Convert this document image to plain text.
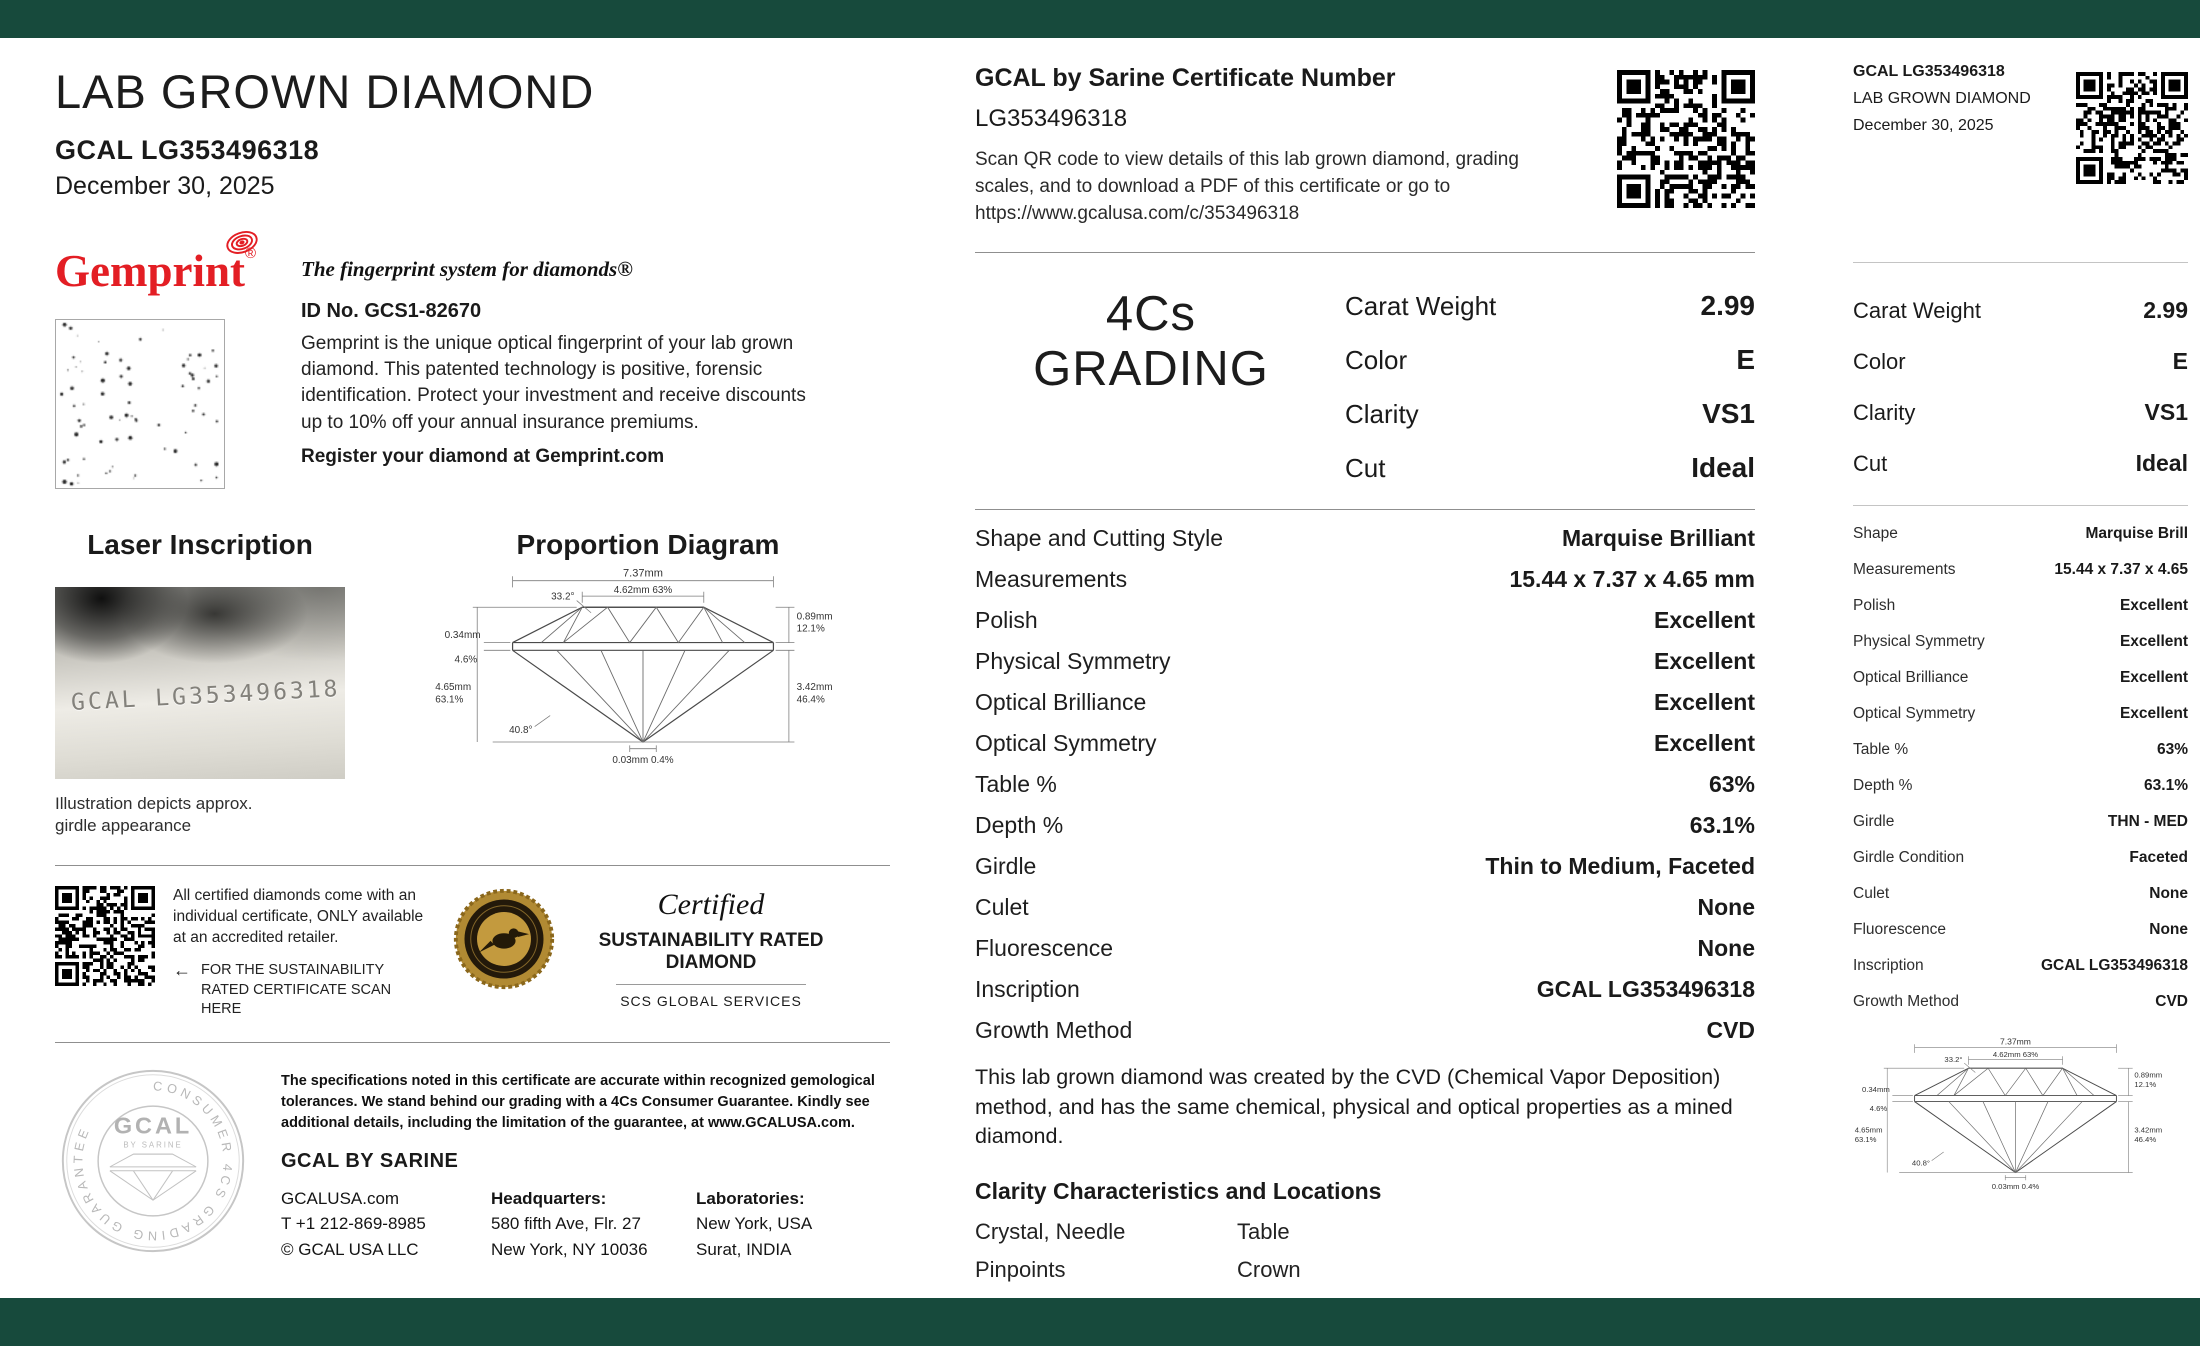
LAB GROWN DIAMOND
GCAL LG353496318
December 30, 2025
Gemprint®
The fingerprint system for diamonds®
ID No. GCS1-82670

Gemprint is the unique optical fingerprint of your lab grown diamond. This patented technology is positive, forensic identification. Protect your investment and receive discounts up to 10% off your annual insurance premiums.

Register your diamond at Gemprint.com
Laser Inscription
GCAL LG353496318
Illustration depicts approx. girdle appearance
Proportion Diagram
7.37mm
4.62mm 63%
33.2°
0.89mm
12.1%
3.42mm
46.4%
0.34mm
4.6%
4.65mm
63.1%
40.8°
0.03mm 0.4%

All certified diamonds come with an individual certificate, ONLY available at an accredited retailer.

← FOR THE SUSTAINABILITY RATED CERTIFICATE SCAN HERE
Certified
SUSTAINABILITY RATED DIAMOND
SCS GLOBAL SERVICES
CONSUMER 4CS GRADING GUARANTEE GCAL
BY SARINE

The specifications noted in this certificate are accurate within recognized gemological tolerances. We stand behind our grading with a 4Cs Consumer Guarantee. Kindly see additional details, including the limitation of the guarantee, at www.GCALUSA.com.

GCAL BY SARINE
GCALUSA.com
T +1 212-869-8985
© GCAL USA LLC
Headquarters:
580 fifth Ave, Flr. 27
New York, NY 10036
Laboratories:
New York, USA
Surat, INDIA
GCAL by Sarine Certificate Number
LG353496318

Scan QR code to view details of this lab grown diamond, grading scales, and to download a PDF of this certificate or go to https://www.gcalusa.com/c/353496318

4Cs
GRADING
Carat Weight	2.99
Color	E
Clarity	VS1
Cut	Ideal
Shape and Cutting Style	Marquise Brilliant
Measurements	15.44 x 7.37 x 4.65 mm
Polish	Excellent
Physical Symmetry	Excellent
Optical Brilliance	Excellent
Optical Symmetry	Excellent
Table %	63%
Depth %	63.1%
Girdle	Thin to Medium, Faceted
Culet	None
Fluorescence	None
Inscription	GCAL LG353496318
Growth Method	CVD

This lab grown diamond was created by the CVD (Chemical Vapor Deposition) method, and has the same chemical, physical and optical properties as a mined diamond.

Clarity Characteristics and Locations
Crystal, Needle	Table
Pinpoints	Crown
GCAL LG353496318
LAB GROWN DIAMOND
December 30, 2025
Carat Weight	2.99
Color	E
Clarity	VS1
Cut	Ideal
Shape	Marquise Brill
Measurements	15.44 x 7.37 x 4.65
Polish	Excellent
Physical Symmetry	Excellent
Optical Brilliance	Excellent
Optical Symmetry	Excellent
Table %	63%
Depth %	63.1%
Girdle	THN - MED
Girdle Condition	Faceted
Culet	None
Fluorescence	None
Inscription	GCAL LG353496318
Growth Method	CVD
7.37mm
4.62mm 63%
33.2°
0.89mm
12.1%
3.42mm
46.4%
0.34mm
4.6%
4.65mm
63.1%
40.8°
0.03mm 0.4%
